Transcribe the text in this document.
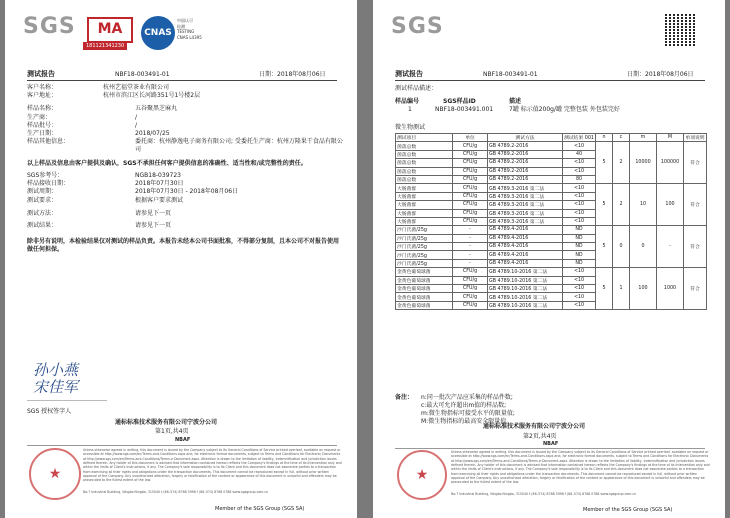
SGS	MA
181121341230
CNAS
中国认可
检测
TESTING
CNAS L4395
测试报告	NBF18-003491-01	日期：2018年08月06日
客户名称：	杭州艺福堂茶业有限公司
客户地址：	杭州市滨江区长河路351号1号楼2层
样品名称：	五谷聚黑芝麻丸
生产商：	/
样品批号：	/
生产日期：	2018/07/25
样品其他信息：	委托商：杭州静逸电子商务有限公司; 受委托生产商：杭州万隆果干食品有限公司
以上样品及信息由客户提供及确认，SGS不承担任何客户提供信息的准确性、适当性和/或完整性的责任。
SGS参考号：	NGB18-039723
样品接收日期：	2018年07月30日
测试周期：	2018年07月30日 - 2018年08月06日
测试要求：	根据客户要求测试
测试方法：	请参见下一页
测试结果：	请参见下一页
除非另有说明，本检验结果仅对测试的样品负责。本报告未经本公司书面批准，不得部分复制，且本公司不对报告使用做任何担保。
孙小燕
宋佳军
SGS 授权签字人
通标标准技术服务有限公司宁波分公司
第1页,共4页
NBAF
★
Unless otherwise agreed in writing, this document is issued by the Company subject to its General Conditions of Service printed overleaf, available on request or accessible at http://www.sgs.com/en/Terms-and-Conditions.aspx and, for electronic format documents, subject to Terms and Conditions for Electronic Documents at http://www.sgs.com/en/Terms-and-Conditions/Terms-e-Document.aspx. Attention is drawn to the limitation of liability, indemnification and jurisdiction issues defined therein. Any holder of this document is advised that information contained hereon reflects the Company's findings at the time of its intervention only and within the limits of Client's instructions, if any. The Company's sole responsibility is to its Client and this document does not exonerate parties to a transaction from exercising all their rights and obligations under the transaction documents. This document cannot be reproduced except in full, without prior written approval of the Company. Any unauthorized alteration, forgery or falsification of the content or appearance of this document is unlawful and offenders may be prosecuted to the fullest extent of the law.
No.7 Industrial Building, Ningbo Ningbo, 315040 t (86–574) 8768 3998 f (86–574) 8768 0788 www.sgsgroup.com.cn
Member of the SGS Group (SGS SA)
SGS
测试报告	NBF18-003491-01	日期：2018年08月06日
测试样品描述：
样品编号	SGS样品ID	描述
1	NBF18-003491.001	7罐 标示值200g/罐 完整包装 外包装完好
微生物测试
测试项目	单位	测试方法	测试结果 001	n	c	m	M	单项说明
菌落总数	CFU/g	GB 4789.2-2016	<10	5	2	10000	100000	符合
菌落总数	CFU/g	GB 4789.2-2016	40					
菌落总数	CFU/g	GB 4789.2-2016	<10					
菌落总数	CFU/g	GB 4789.2-2016	<10					
菌落总数	CFU/g	GB 4789.2-2016	80					
大肠菌群	CFU/g	GB 4789.3-2016 第二法	<10	5	2	10	100	符合
大肠菌群	CFU/g	GB 4789.3-2016 第二法	<10					
大肠菌群	CFU/g	GB 4789.3-2016 第二法	<10					
大肠菌群	CFU/g	GB 4789.3-2016 第二法	<10					
大肠菌群	CFU/g	GB 4789.3-2016 第二法	<10					
沙门氏菌/25g	-	GB 4789.4-2016	ND	5	0	0	-	符合
沙门氏菌/25g	-	GB 4789.4-2016	ND					
沙门氏菌/25g	-	GB 4789.4-2016	ND					
沙门氏菌/25g	-	GB 4789.4-2016	ND					
沙门氏菌/25g	-	GB 4789.4-2016	ND					
金黄色葡萄球菌	CFU/g	GB 4789.10-2016 第二法	<10	5	1	100	1000	符合
金黄色葡萄球菌	CFU/g	GB 4789.10-2016 第二法	<10					
金黄色葡萄球菌	CFU/g	GB 4789.10-2016 第二法	<10					
金黄色葡萄球菌	CFU/g	GB 4789.10-2016 第二法	<10					
金黄色葡萄球菌	CFU/g	GB 4789.10-2016 第二法	<10					
备注： n:同一批次产品应采集的样品件数;
c:最大可允许超出m值的样品数;
m:微生物指标可接受水平的限量值;
M:微生物指标的最高安全限量值。
通标标准技术服务有限公司宁波分公司
第2页,共4页
NBAF
★
Unless otherwise agreed in writing, this document is issued by the Company subject to its General Conditions of Service printed overleaf, available on request or accessible at http://www.sgs.com/en/Terms-and-Conditions.aspx and, for electronic format documents, subject to Terms and Conditions for Electronic Documents at http://www.sgs.com/en/Terms-and-Conditions/Terms-e-Document.aspx. Attention is drawn to the limitation of liability, indemnification and jurisdiction issues defined therein. Any holder of this document is advised that information contained hereon reflects the Company's findings at the time of its intervention only and within the limits of Client's instructions, if any. The Company's sole responsibility is to its Client and this document does not exonerate parties to a transaction from exercising all their rights and obligations under the transaction documents. This document cannot be reproduced except in full, without prior written approval of the Company. Any unauthorized alteration, forgery or falsification of the content or appearance of this document is unlawful and offenders may be prosecuted to the fullest extent of the law.
No.7 Industrial Building, Ningbo Ningbo, 315040 t (86–574) 8768 3998 f (86–574) 8768 0788 www.sgsgroup.com.cn
Member of the SGS Group (SGS SA)
